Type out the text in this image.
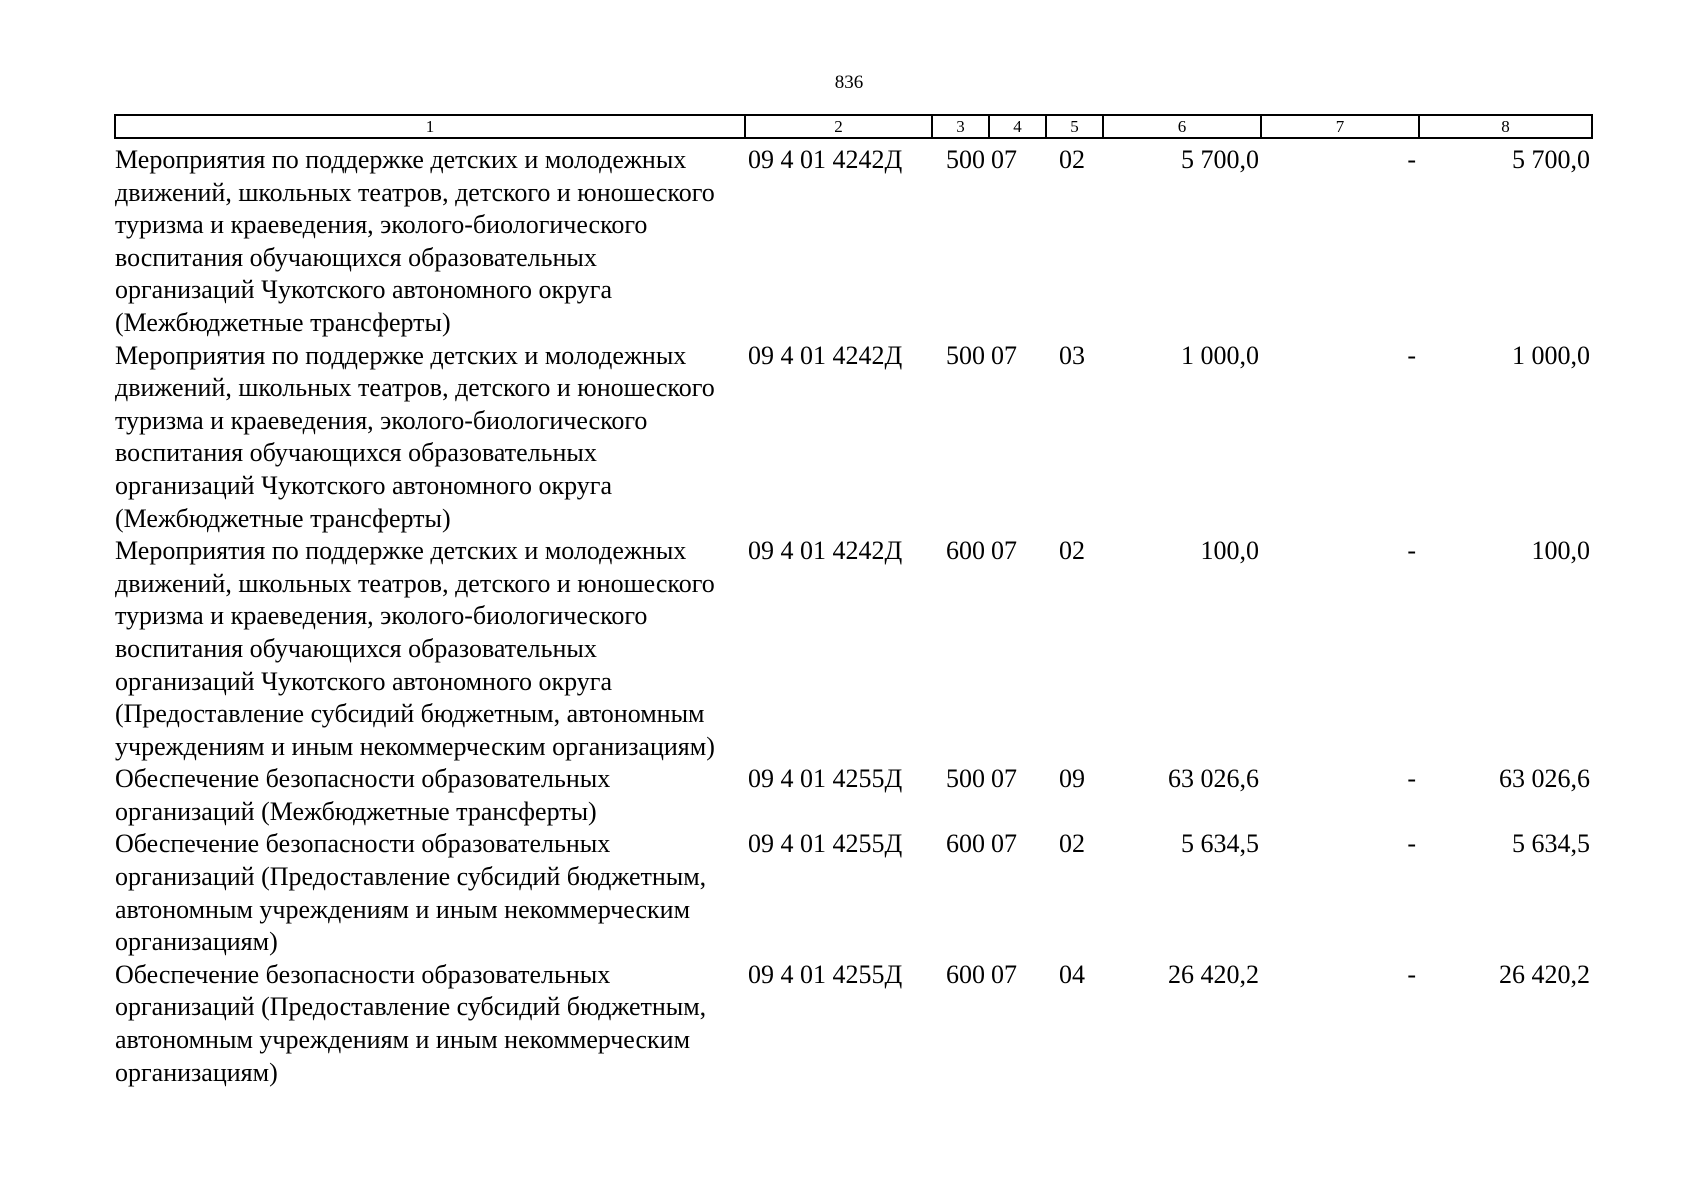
836
1	2	3	4	5	6	7	8
Мероприятия по поддержке детских и молодежных движений, школьных театров, детского и юношеского туризма и краеведения, эколого-биологического воспитания обучающихся образовательных организаций Чукотского автономного округа (Межбюджетные трансферты)	09 4 01 4242Д	500	07	02	5 700,0	-	5 700,0
Мероприятия по поддержке детских и молодежных движений, школьных театров, детского и юношеского туризма и краеведения, эколого-биологического воспитания обучающихся образовательных организаций Чукотского автономного округа (Межбюджетные трансферты)	09 4 01 4242Д	500	07	03	1 000,0	-	1 000,0
Мероприятия по поддержке детских и молодежных движений, школьных театров, детского и юношеского туризма и краеведения, эколого-биологического воспитания обучающихся образовательных организаций Чукотского автономного округа (Предоставление субсидий бюджетным, автономным учреждениям и иным некоммерческим организациям)	09 4 01 4242Д	600	07	02	100,0	-	100,0
Обеспечение безопасности образовательных организаций (Межбюджетные трансферты)	09 4 01 4255Д	500	07	09	63 026,6	-	63 026,6
Обеспечение безопасности образовательных организаций (Предоставление субсидий бюджетным, автономным учреждениям и иным некоммерческим организациям)	09 4 01 4255Д	600	07	02	5 634,5	-	5 634,5
Обеспечение безопасности образовательных организаций (Предоставление субсидий бюджетным, автономным учреждениям и иным некоммерческим организациям)	09 4 01 4255Д	600	07	04	26 420,2	-	26 420,2
